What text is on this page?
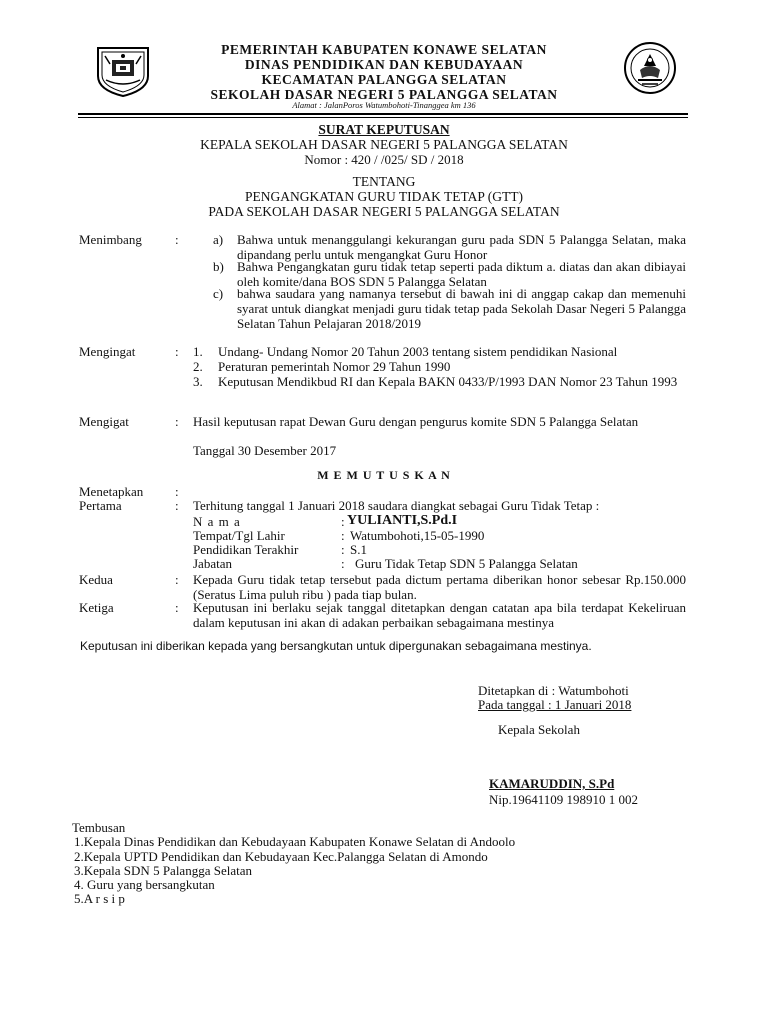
PEMERINTAH KABUPATEN KONAWE SELATAN
DINAS PENDIDIKAN DAN KEBUDAYAAN
KECAMATAN PALANGGA SELATAN
SEKOLAH DASAR NEGERI 5 PALANGGA SELATAN
Alamat : JalanPoros Watumbohoti-Tinanggea km 136
SURAT KEPUTUSAN
KEPALA SEKOLAH DASAR NEGERI 5 PALANGGA SELATAN
Nomor : 420 / /025/ SD / 2018
TENTANG
PENGANGKATAN GURU TIDAK TETAP (GTT)
PADA SEKOLAH DASAR NEGERI 5 PALANGGA SELATAN
Menimbang	:	a) Bahwa untuk menanggulangi kekurangan guru pada SDN 5 Palangga Selatan, maka dipandang perlu untuk mengangkat Guru Honor
b) Bahwa Pengangkatan guru tidak tetap seperti pada diktum a. diatas dan akan dibiayai oleh komite/dana BOS SDN 5 Palangga Selatan
c) bahwa saudara yang namanya tersebut di bawah ini di anggap cakap dan memenuhi syarat untuk diangkat menjadi guru tidak tetap pada Sekolah Dasar Negeri 5 Palangga Selatan Tahun Pelajaran 2018/2019
Mengingat	: 1. Undang- Undang Nomor 20 Tahun 2003 tentang sistem pendidikan Nasional
2. Peraturan pemerintah Nomor 29 Tahun 1990
3. Keputusan Mendikbud RI dan Kepala BAKN 0433/P/1993 DAN Nomor 23 Tahun 1993
Mengigat	: Hasil keputusan rapat Dewan Guru dengan pengurus komite SDN 5 Palangga Selatan
Tanggal 30 Desember 2017
M E M U T U S K A N
Menetapkan :
Pertama	: Terhitung tanggal 1 Januari 2018 saudara diangkat sebagai Guru Tidak Tetap :
N a m a	: YULIANTI,S.Pd.I
Tempat/Tgl Lahir	: Watumbohoti,15-05-1990
Pendidikan Terakhir	: S.1
Jabatan	: Guru Tidak Tetap SDN 5 Palangga Selatan
Kedua	: Kepada Guru tidak tetap tersebut pada dictum pertama diberikan honor sebesar Rp.150.000 (Seratus Lima puluh ribu ) pada tiap bulan.
Ketiga	: Keputusan ini berlaku sejak tanggal ditetapkan dengan catatan apa bila terdapat Kekeliruan dalam keputusan ini akan di adakan perbaikan sebagaimana mestinya
Keputusan ini diberikan kepada yang bersangkutan untuk dipergunakan sebagaimana mestinya.
Ditetapkan di : Watumbohoti
Pada tanggal : 1 Januari 2018
Kepala Sekolah
KAMARUDDIN, S.Pd
Nip.19641109 198910 1 002
Tembusan
1.Kepala Dinas Pendidikan dan Kebudayaan Kabupaten Konawe Selatan di Andoolo
2.Kepala UPTD Pendidikan dan Kebudayaan Kec.Palangga Selatan di Amondo
3.Kepala SDN 5 Palangga Selatan
4. Guru yang bersangkutan
5.A r s i p
